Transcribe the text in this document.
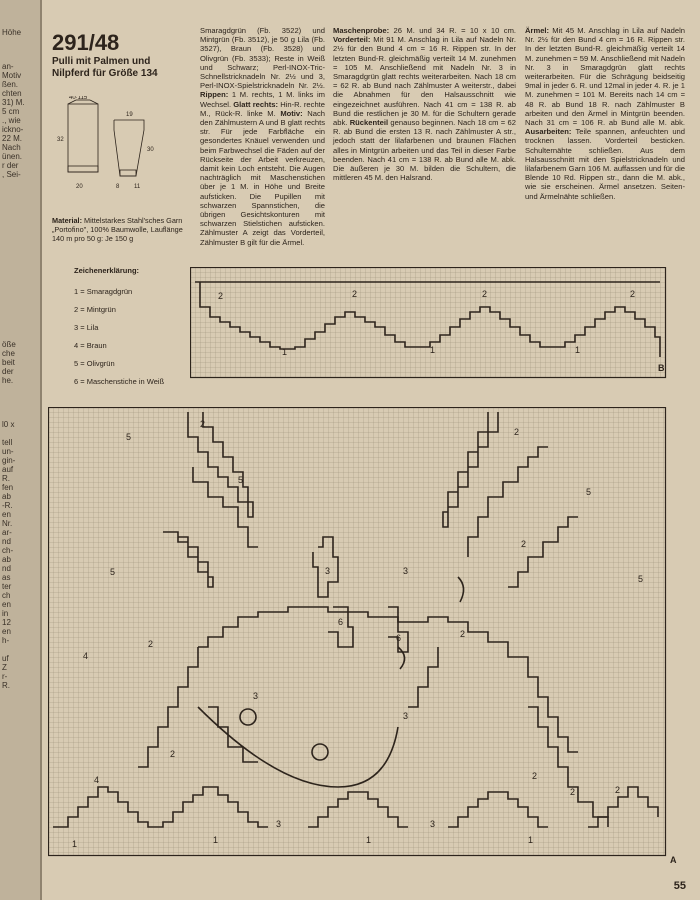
Höhe
an-
Motiv
ßen.
chten
31) M.
5 cm
., wie
ickno-
22 M.
Nach
ünen.
r der
, Sei-
öße
che
beit
der
he.
l0 x

tell
un-
gin-
auf
R.
fen
ab
-R.
en
Nr.
ar-
nd
ch-
ab
nd
as
ter
ch
en
in
12
en
h-

uf
Z
r-
R.
291/48
Pulli mit Palmen und Nilpferd für Größe 134
40·115
32
20
19
30
8 11
Material: Mittelstarkes Stahl'sches Garn „Portofino", 100% Baumwolle, Lauflänge 140 m pro 50 g: Je 150 g
Smaragdgrün (Fb. 3522) und Mintgrün (Fb. 3512), je 50 g Lila (Fb. 3527), Braun (Fb. 3528) und Olivgrün (Fb. 3533); Reste in Weiß und Schwarz; Perl-INOX-Tric-Schnellstricknadeln Nr. 2½ und 3, Perl-INOX-Spielstricknadeln Nr. 2½. Rippen: 1 M. rechts, 1 M. links im Wechsel. Glatt rechts: Hin-R. rechte M., Rück-R. linke M. Motiv: Nach den Zählmustern A und B glatt rechts str. Für jede Farbfläche ein gesondertes Knäuel verwenden und beim Farbwechsel die Fäden auf der Rückseite der Arbeit verkreuzen, damit kein Loch entsteht. Die Augen nachträglich mit Maschenstichen über je 1 M. in Höhe und Breite aufsticken. Die Pupillen mit schwarzen Spannstichen, die übrigen Gesichtskonturen mit schwarzen Stielstichen aufsticken. Zählmuster A zeigt das Vorderteil, Zählmuster B gilt für die Ärmel.
Maschenprobe: 26 M. und 34 R. = 10 x 10 cm. Vorderteil: Mit 91 M. Anschlag in Lila auf Nadeln Nr. 2½ für den Bund 4 cm = 16 R. Rippen str. In der letzten Bund-R. gleichmäßig verteilt 14 M. zunehmen = 105 M. Anschließend mit Nadeln Nr. 3 in Smaragdgrün glatt rechts weiterarbeiten. Nach 18 cm = 62 R. ab Bund nach Zählmuster A weiterstr., dabei die Abnahmen für den Halsausschnitt wie eingezeichnet ausführen. Nach 41 cm = 138 R. ab Bund die restlichen je 30 M. für die Schultern gerade abk. Rückenteil genauso beginnen. Nach 18 cm = 62 R. ab Bund die ersten 13 R. nach Zählmuster A str., jedoch statt der lilafarbenen und braunen Flächen alles in Mintgrün arbeiten und das Teil in dieser Farbe beenden. Nach 41 cm = 138 R. ab Bund alle M. abk. Die äußeren je 30 M. bilden die Schultern, die mittleren 45 M. den Halsrand.
Ärmel: Mit 45 M. Anschlag in Lila auf Nadeln Nr. 2½ für den Bund 4 cm = 16 R. Rippen str. In der letzten Bund-R. gleichmäßig verteilt 14 M. zunehmen = 59 M. Anschließend mit Nadeln Nr. 3 in Smaragdgrün glatt rechts weiterarbeiten. Für die Schrägung beidseitig 9mal in jeder 6. R. und 12mal in jeder 4. R. je 1 M. zunehmen = 101 M. Bereits nach 14 cm = 48 R. ab Bund 18 R. nach Zählmuster B arbeiten und den Ärmel in Mintgrün beenden. Nach 31 cm = 106 R. ab Bund alle M. abk. Ausarbeiten: Teile spannen, anfeuchten und trocknen lassen. Vorderteil besticken. Schulternähte schließen. Aus dem Halsausschnitt mit den Spielstricknadeln und lilafarbenem Garn 106 M. auffassen und für die Blende 10 Rd. Rippen str., dann die M. abk., wie sie erscheinen. Ärmel ansetzen. Seiten- und Ärmelnähte schließen.
Zeichenerklärung:
1 = Smaragdgrün
2 = Mintgrün
3 = Lila
4 = Braun
5 = Olivgrün
6 = Maschenstiche in Weiß
2	2	2	2
1	1	1
B
5
2
5
2
5
5
2
5
3	3
6
6
2
2
4
3
3
2
4	2
2	2
3	3
1	1	1	1
A
55
